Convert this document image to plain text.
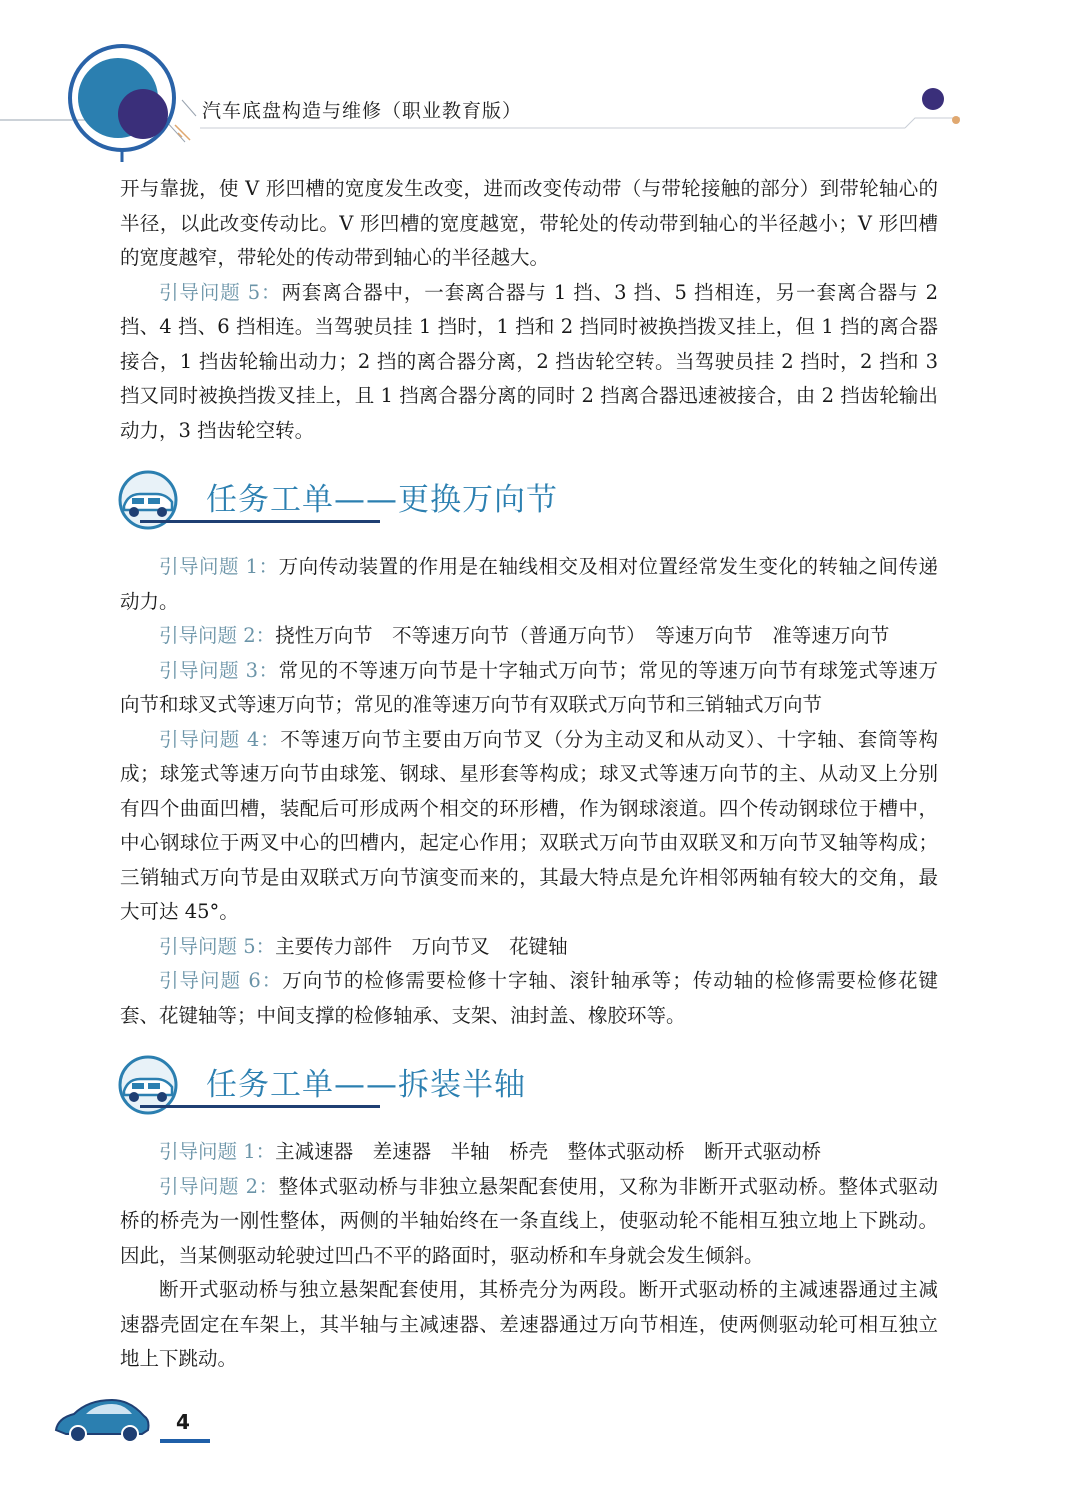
汽车底盘构造与维修（职业教育版）

开与靠拢，使 V 形凹槽的宽度发生改变，进而改变传动带（与带轮接触的部分）到带轮轴心的半径，以此改变传动比。V 形凹槽的宽度越宽，带轮处的传动带到轴心的半径越小；V 形凹槽的宽度越窄，带轮处的传动带到轴心的半径越大。

引导问题 5：两套离合器中，一套离合器与 1 挡、3 挡、5 挡相连，另一套离合器与 2 挡、4 挡、6 挡相连。当驾驶员挂 1 挡时，1 挡和 2 挡同时被换挡拨叉挂上，但 1 挡的离合器接合，1 挡齿轮输出动力；2 挡的离合器分离，2 挡齿轮空转。当驾驶员挂 2 挡时，2 挡和 3 挡又同时被换挡拨叉挂上，且 1 挡离合器分离的同时 2 挡离合器迅速被接合，由 2 挡齿轮输出动力，3 挡齿轮空转。

任务工单——更换万向节

引导问题 1：万向传动装置的作用是在轴线相交及相对位置经常发生变化的转轴之间传递动力。

引导问题 2：挠性万向节　不等速万向节（普通万向节）　等速万向节　准等速万向节

引导问题 3：常见的不等速万向节是十字轴式万向节；常见的等速万向节有球笼式等速万向节和球叉式等速万向节；常见的准等速万向节有双联式万向节和三销轴式万向节

引导问题 4：不等速万向节主要由万向节叉（分为主动叉和从动叉）、十字轴、套筒等构成；球笼式等速万向节由球笼、钢球、星形套等构成；球叉式等速万向节的主、从动叉上分别有四个曲面凹槽，装配后可形成两个相交的环形槽，作为钢球滚道。四个传动钢球位于槽中，中心钢球位于两叉中心的凹槽内，起定心作用；双联式万向节由双联叉和万向节叉轴等构成；三销轴式万向节是由双联式万向节演变而来的，其最大特点是允许相邻两轴有较大的交角，最大可达 45°。

引导问题 5：主要传力部件　万向节叉　花键轴

引导问题 6：万向节的检修需要检修十字轴、滚针轴承等；传动轴的检修需要检修花键套、花键轴等；中间支撑的检修轴承、支架、油封盖、橡胶环等。

任务工单——拆装半轴

引导问题 1：主减速器　差速器　半轴　桥壳　整体式驱动桥　断开式驱动桥

引导问题 2：整体式驱动桥与非独立悬架配套使用，又称为非断开式驱动桥。整体式驱动桥的桥壳为一刚性整体，两侧的半轴始终在一条直线上，使驱动轮不能相互独立地上下跳动。因此，当某侧驱动轮驶过凹凸不平的路面时，驱动桥和车身就会发生倾斜。

断开式驱动桥与独立悬架配套使用，其桥壳分为两段。断开式驱动桥的主减速器通过主减速器壳固定在车架上，其半轴与主减速器、差速器通过万向节相连，使两侧驱动轮可相互独立地上下跳动。

4
